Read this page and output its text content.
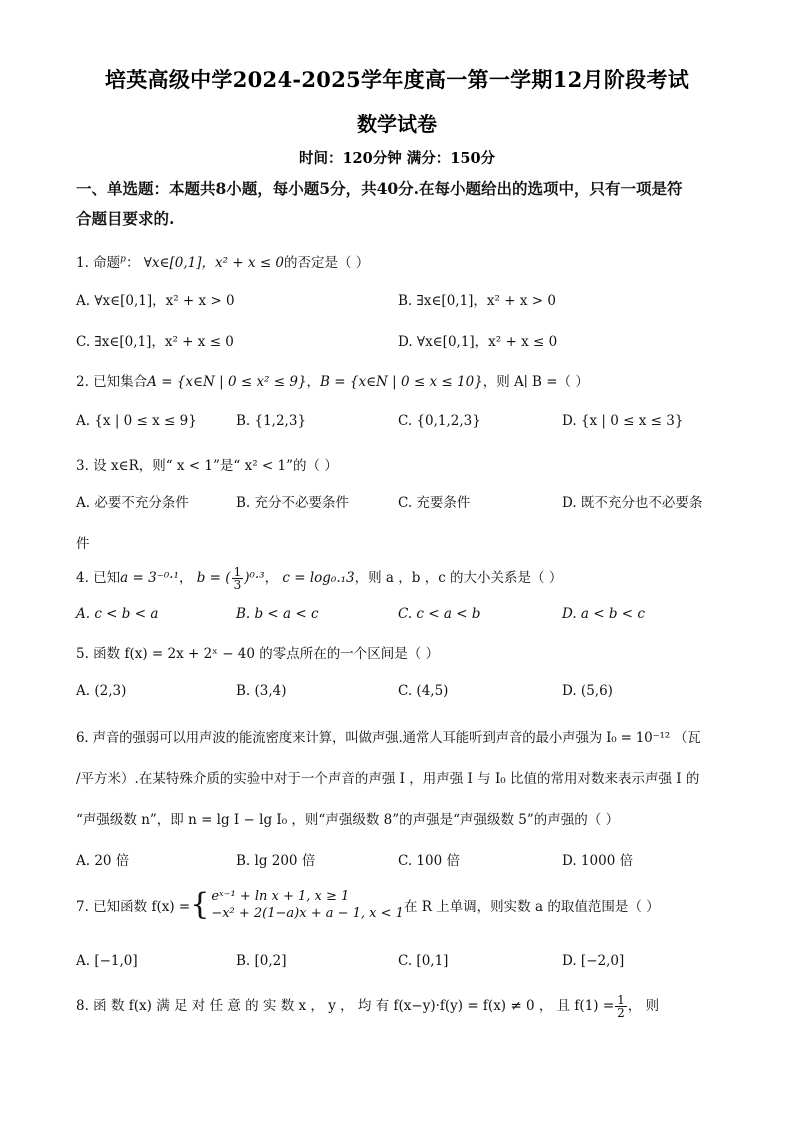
培英高级中学2024-2025学年度高一第一学期12月阶段考试
数学试卷
时间：120分钟 满分：150分
一、单选题：本题共8小题，每小题5分，共40分.在每小题给出的选项中，只有一项是符
合题目要求的.
1. 命题$^p$： ∀x∈[0,1]，x² + x ≤ 0的否定是（ ）
A. ∀x∈[0,1]，x² + x > 0	B. ∃x∈[0,1]，x² + x > 0
C. ∃x∈[0,1]，x² + x ≤ 0	D. ∀x∈[0,1]，x² + x ≤ 0
2. 已知集合A = {x∈N | 0 ≤ x² ≤ 9}，B = {x∈N | 0 ≤ x ≤ 10}，则 A∣ B =（ ）
A. {x | 0 ≤ x ≤ 9}	B. {1,2,3}	C. {0,1,2,3}	D. {x | 0 ≤ x ≤ 3}
3. 设 x∈R，则“ x < 1”是“ x² < 1”的（ ）
A. 必要不充分条件	B. 充分不必要条件	C. 充要条件	D. 既不充分也不必要条
件
4. 已知a = 3⁻⁰·¹， b = ( $\frac{1}{3} )^0\cdot^3$， c = log₀.₁3，则 a ，b ，c 的大小关系是（ ）
A. c < b < a	B. b < a < c	C. c < a < b	D. a < b < c
5. 函数 f(x) = 2x + 2ˣ − 40 的零点所在的一个区间是（ ）
A. (2,3)	B. (3,4)	C. (4,5)	D. (5,6)
6. 声音的强弱可以用声波的能流密度来计算，叫做声强.通常人耳能听到声音的最小声强为 I₀ = 10⁻¹² （瓦
/平方米）.在某特殊介质的实验中对于一个声音的声强 I ，用声强 I 与 I₀ 比值的常用对数来表示声强 I 的
“声强级数 n”，即 n = lg I − lg I₀ ，则“声强级数 8”的声强是“声强级数 5”的声强的（ ）
A. 20 倍	B. lg 200 倍	C. 100 倍	D. 1000 倍
7. 已知函数 f(x) ={ eˣ⁻¹ + ln x + 1, x ≥ 1
−x² + 2(1−a)x + a − 1, x < 1 在 R 上单调，则实数 a 的取值范围是（ ）
A. [−1,0]	B. [0,2]	C. [0,1]	D. [−2,0]
8. 函 数 f(x) 满 足 对 任 意 的 实 数 x ， y ， 均 有 f(x−y)·f(y) = f(x) ≠ 0 ， 且 $f(1) = \frac{1}{2}$ ， 则
